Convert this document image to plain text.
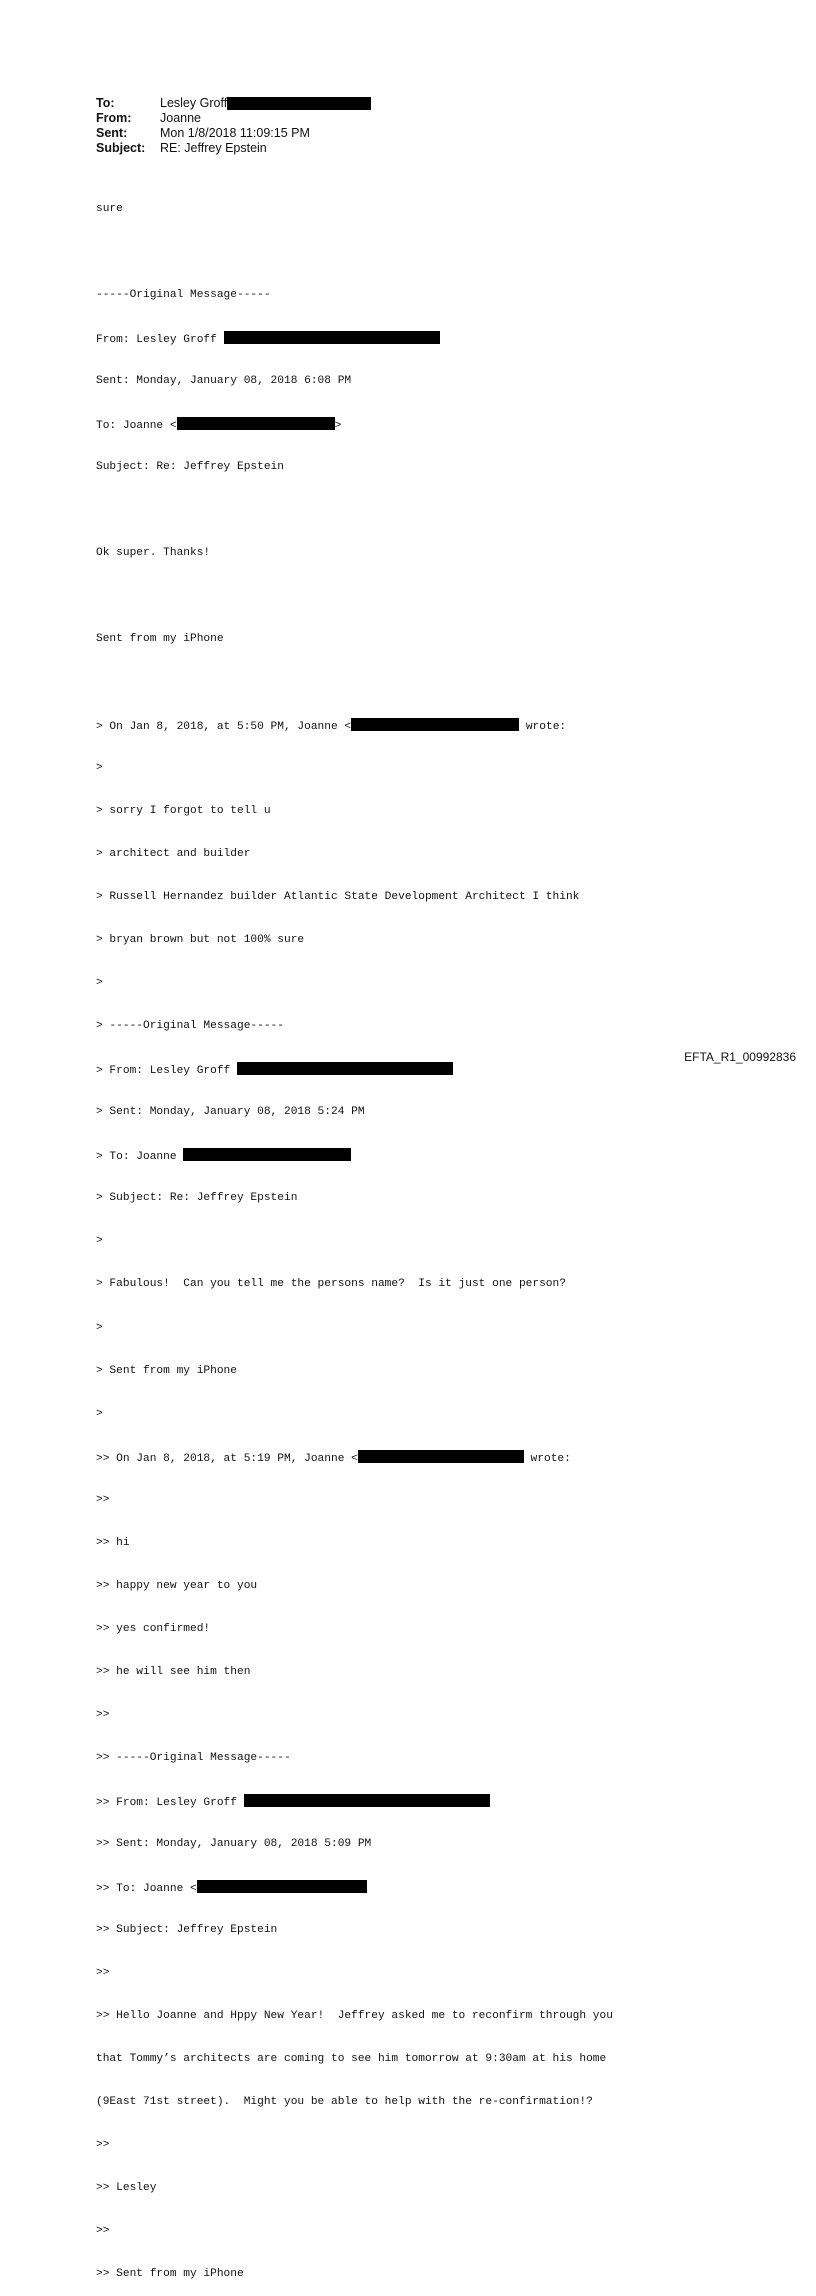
To:	Lesley Groff
From:	Joanne
Sent:	Mon 1/8/2018 11:09:15 PM
Subject:	RE: Jeffrey Epstein

sure

-----Original Message-----

From: Lesley Groff

Sent: Monday, January 08, 2018 6:08 PM

To: Joanne <	>

Subject: Re: Jeffrey Epstein

Ok super. Thanks!

Sent from my iPhone

> On Jan 8, 2018, at 5:50 PM, Joanne <	wrote:

>

> sorry I forgot to tell u

> architect and builder

> Russell Hernandez builder Atlantic State Development Architect I think

> bryan brown but not 100% sure

>

> -----Original Message-----

> From: Lesley Groff

> Sent: Monday, January 08, 2018 5:24 PM

> To: Joanne

> Subject: Re: Jeffrey Epstein

>

> Fabulous!  Can you tell me the persons name?  Is it just one person?

>

> Sent from my iPhone

>

>> On Jan 8, 2018, at 5:19 PM, Joanne <	wrote:

>>

>> hi

>> happy new year to you

>> yes confirmed!

>> he will see him then

>>

>> -----Original Message-----

>> From: Lesley Groff

>> Sent: Monday, January 08, 2018 5:09 PM

>> To: Joanne <

>> Subject: Jeffrey Epstein

>>

>> Hello Joanne and Hppy New Year!  Jeffrey asked me to reconfirm through you

that Tommy’s architects are coming to see him tomorrow at 9:30am at his home

(9East 71st street).  Might you be able to help with the re-confirmation!?

>>

>> Lesley

>>

>> Sent from my iPhone

EFTA_R1_00992836
